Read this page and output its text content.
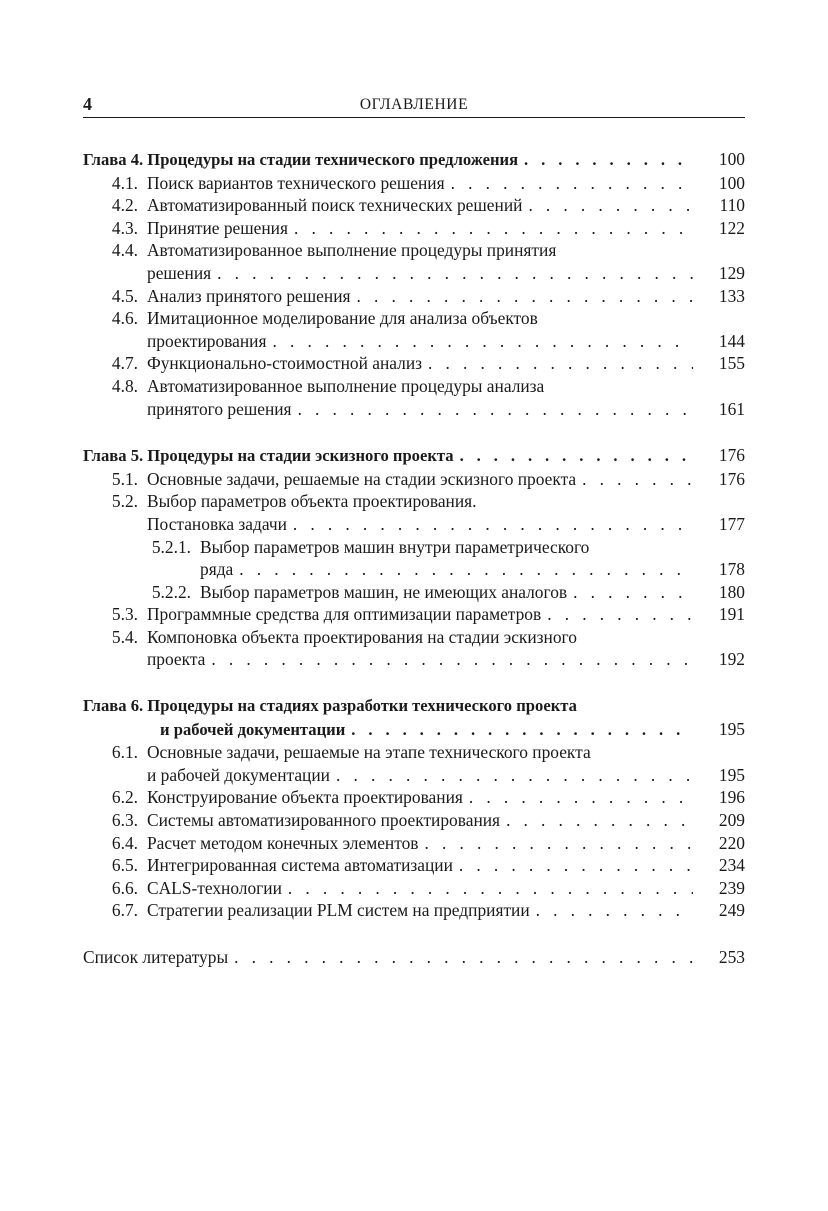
4	ОГЛАВЛЕНИЕ
Глава 4. Процедуры на стадии технического предложения . . .	100
4.1. Поиск вариантов технического решения . . .	100
4.2. Автоматизированный поиск технических решений . . .	110
4.3. Принятие решения . . .	122
4.4. Автоматизированное выполнение процедуры принятия
решения . . .	129
4.5. Анализ принятого решения . . .	133
4.6. Имитационное моделирование для анализа объектов
проектирования . . .	144
4.7. Функционально-стоимостной анализ . . .	155
4.8. Автоматизированное выполнение процедуры анализа
принятого решения . . .	161
Глава 5. Процедуры на стадии эскизного проекта . . .	176
5.1. Основные задачи, решаемые на стадии эскизного проекта . . .	176
5.2. Выбор параметров объекта проектирования.
Постановка задачи . . .	177
5.2.1. Выбор параметров машин внутри параметрического
ряда . . .	178
5.2.2. Выбор параметров машин, не имеющих аналогов . . .	180
5.3. Программные средства для оптимизации параметров . . .	191
5.4. Компоновка объекта проектирования на стадии эскизного
проекта . . .	192
Глава 6. Процедуры на стадиях разработки технического проекта
и рабочей документации . . .	195
6.1. Основные задачи, решаемые на этапе технического проекта
и рабочей документации . . .	195
6.2. Конструирование объекта проектирования . . .	196
6.3. Системы автоматизированного проектирования . . .	209
6.4. Расчет методом конечных элементов . . .	220
6.5. Интегрированная система автоматизации . . .	234
6.6. CALS-технологии . . .	239
6.7. Стратегии реализации PLM систем на предприятии . . .	249
Список литературы . . .	253
